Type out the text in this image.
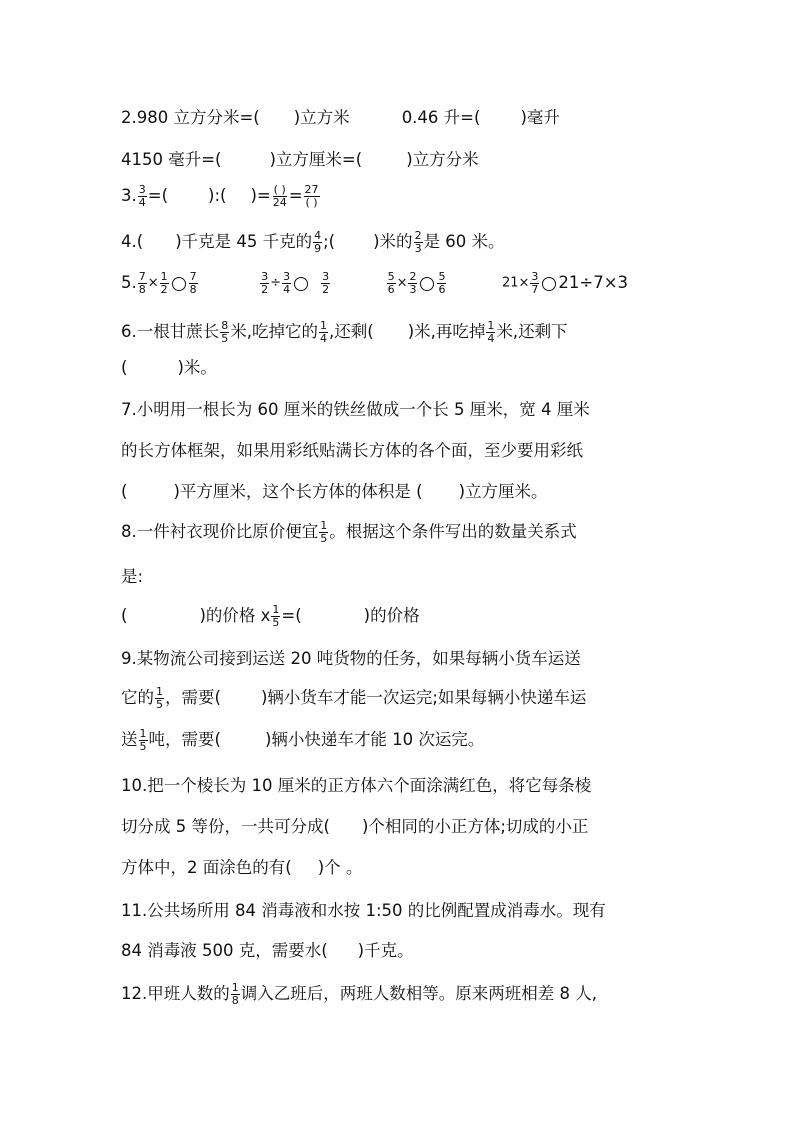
2.980 立方分米=( )立方米	0.46 升=( )毫升
4150 毫升=(	)立方厘米=(	)立方分米
3. $\frac{3}{4}$ =( ):( )= $\frac{( )}{24} = \frac{27}{( )}$
4.( )千克是 45 千克的 $\frac{4}{9}$ ;( )米的 $\frac{2}{3}$ 是 60 米。
5. $\frac{7}{8} \times \frac{1}{2} \frac{7}{8}$
	$\frac{3}{2} \div \frac{3}{4}$	$\frac{3}{2}$
	$\frac{5}{6} \times \frac{2}{3} \frac{5}{6}$	$21\times \frac{3}{7} 21\div 7\times 3$
6.一根甘蔗长 $\frac{8}{5}$ 米,吃掉它的 $\frac{1}{4}$ ,还剩( )米,再吃掉 $\frac{1}{4}$ 米,还剩下
(	)米。
7.小明用一根长为 60 厘米的铁丝做成一个长 5 厘米，宽 4 厘米
的长方体框架，如果用彩纸贴满长方体的各个面，至少要用彩纸
(	)平方厘米，这个长方体的体积是 ( )立方厘米。
8.一件衬衣现价比原价便宜 $\frac{1}{5}$ 。根据这个条件写出的数量关系式
是:
(	)的价格 x $\frac{1}{5}$ =(	)的价格
9.某物流公司接到运送 20 吨货物的任务，如果每辆小货车运送
它的 $\frac{1}{5}$ ，需要( )辆小货车才能一次运完;如果每辆小快递车运
送 $\frac{1}{5}$ 吨，需要(	)辆小快递车才能 10 次运完。
10.把一个棱长为 10 厘米的正方体六个面涂满红色，将它每条棱
切分成 5 等份，一共可分成( )个相同的小正方体;切成的小正
方体中，2 面涂色的有( )个 。
11.公共场所用 84 消毒液和水按 1:50 的比例配置成消毒水。现有
84 消毒液 500 克，需要水( )千克。
12.甲班人数的 $\frac{1}{8}$ 调入乙班后，两班人数相等。原来两班相差 8 人,
